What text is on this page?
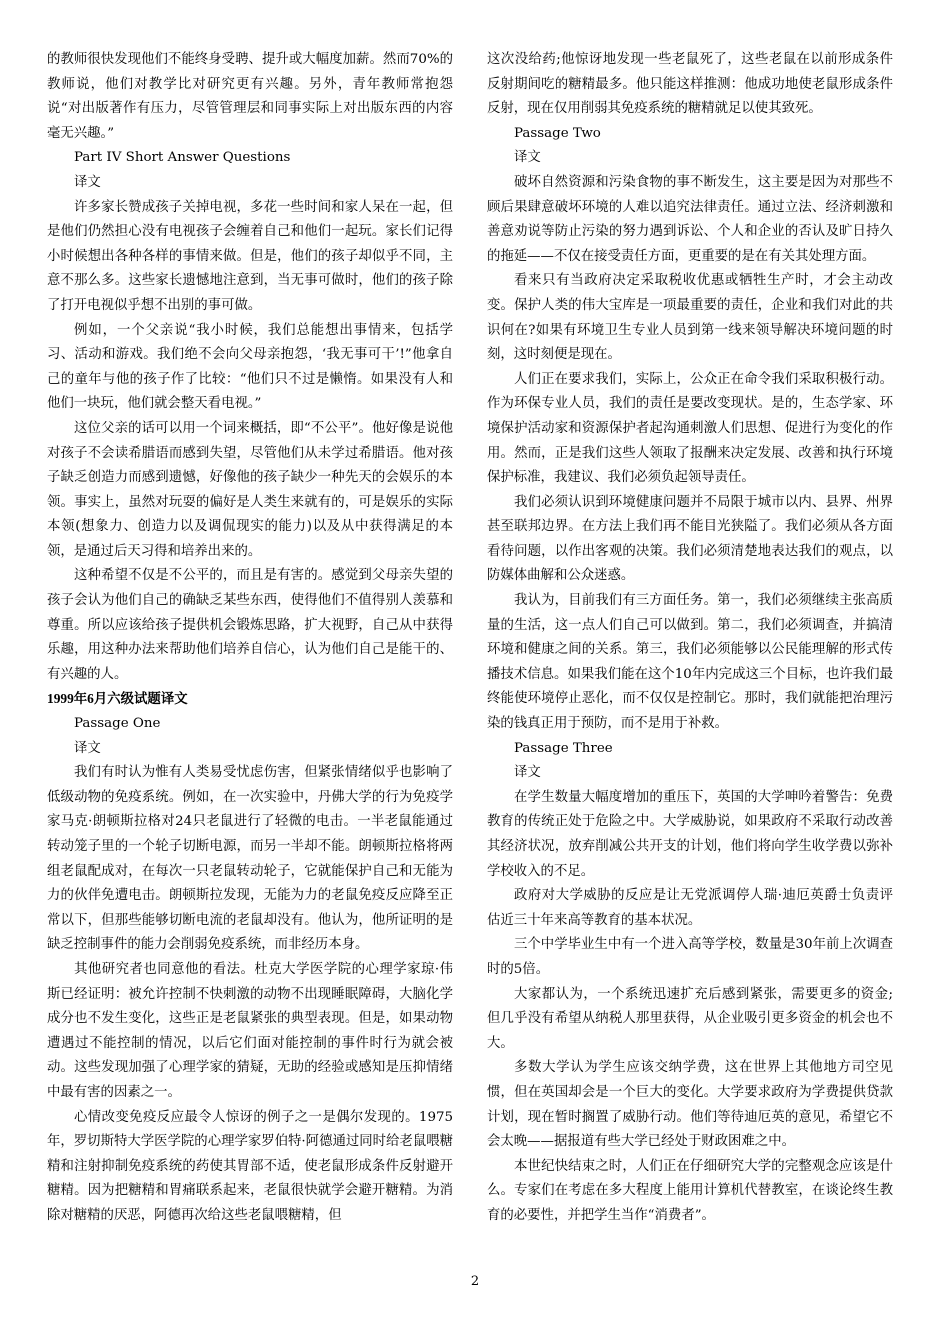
的教师很快发现他们不能终身受聘、提升或大幅度加薪。然而70%的教师说，他们对教学比对研究更有兴趣。另外，青年教师常抱怨说“对出版著作有压力，尽管管理层和同事实际上对出版东西的内容毫无兴趣。”

Part IV Short Answer Questions

译文

许多家长赞成孩子关掉电视，多花一些时间和家人呆在一起，但是他们仍然担心没有电视孩子会缠着自己和他们一起玩。家长们记得小时候想出各种各样的事情来做。但是，他们的孩子却似乎不同，主意不那么多。这些家长遗憾地注意到，当无事可做时，他们的孩子除了打开电视似乎想不出别的事可做。

例如，一个父亲说“我小时候，我们总能想出事情来，包括学习、活动和游戏。我们绝不会向父母亲抱怨，‘我无事可干’!”他拿自己的童年与他的孩子作了比较：“他们只不过是懒惰。如果没有人和他们一块玩，他们就会整天看电视。”

这位父亲的话可以用一个词来概括，即“不公平”。他好像是说他对孩子不会读希腊语而感到失望，尽管他们从未学过希腊语。他对孩子缺乏创造力而感到遗憾，好像他的孩子缺少一种先天的会娱乐的本领。事实上，虽然对玩耍的偏好是人类生来就有的，可是娱乐的实际本领(想象力、创造力以及调侃现实的能力)以及从中获得满足的本领，是通过后天习得和培养出来的。

这种希望不仅是不公平的，而且是有害的。感觉到父母亲失望的孩子会认为他们自己的确缺乏某些东西，使得他们不值得别人羡慕和尊重。所以应该给孩子提供机会锻炼思路，扩大视野，自己从中获得乐趣，用这种办法来帮助他们培养自信心，认为他们自己是能干的、有兴趣的人。

1999年6月六级试题译文

Passage One

译文

我们有时认为惟有人类易受忧虑伤害，但紧张情绪似乎也影响了低级动物的免疫系统。例如，在一次实验中，丹佛大学的行为免疫学家马克·朗顿斯拉格对24只老鼠进行了轻微的电击。一半老鼠能通过转动笼子里的一个轮子切断电源，而另一半却不能。朗顿斯拉格将两组老鼠配成对，在每次一只老鼠转动轮子，它就能保护自己和无能为力的伙伴免遭电击。朗顿斯拉发现，无能为力的老鼠免疫反应降至正常以下，但那些能够切断电流的老鼠却没有。他认为，他所证明的是缺乏控制事件的能力会削弱免疫系统，而非经历本身。

其他研究者也同意他的看法。杜克大学医学院的心理学家琼·伟斯已经证明：被允许控制不快刺激的动物不出现睡眠障碍，大脑化学成分也不发生变化，这些正是老鼠紧张的典型表现。但是，如果动物遭遇过不能控制的情况，以后它们面对能控制的事件时行为就会被动。这些发现加强了心理学家的猜疑，无助的经验或感知是压抑情绪中最有害的因素之一。

心情改变免疫反应最令人惊讶的例子之一是偶尔发现的。1975年，罗切斯特大学医学院的心理学家罗伯特·阿德通过同时给老鼠喂糖精和注射抑制免疫系统的药使其胃部不适，使老鼠形成条件反射避开糖精。因为把糖精和胃痛联系起来，老鼠很快就学会避开糖精。为消除对糖精的厌恶，阿德再次给这些老鼠喂糖精，但

这次没给药;他惊讶地发现一些老鼠死了，这些老鼠在以前形成条件反射期间吃的糖精最多。他只能这样推测：他成功地使老鼠形成条件反射，现在仅用削弱其免疫系统的糖精就足以使其致死。

Passage Two

译文

破坏自然资源和污染食物的事不断发生，这主要是因为对那些不顾后果肆意破坏环境的人难以追究法律责任。通过立法、经济刺激和善意劝说等防止污染的努力遇到诉讼、个人和企业的否认及旷日持久的拖延——不仅在接受责任方面，更重要的是在有关其处理方面。

看来只有当政府决定采取税收优惠或牺牲生产时，才会主动改变。保护人类的伟大宝库是一项最重要的责任，企业和我们对此的共识何在?如果有环境卫生专业人员到第一线来领导解决环境问题的时刻，这时刻便是现在。

人们正在要求我们，实际上，公众正在命令我们采取积极行动。作为环保专业人员，我们的责任是要改变现状。是的，生态学家、环境保护活动家和资源保护者起沟通刺激人们思想、促进行为变化的作用。然而，正是我们这些人领取了报酬来决定发展、改善和执行环境保护标准，我建议、我们必须负起领导责任。

我们必须认识到环境健康问题并不局限于城市以内、县界、州界甚至联邦边界。在方法上我们再不能目光狭隘了。我们必须从各方面看待问题，以作出客观的决策。我们必须清楚地表达我们的观点，以防媒体曲解和公众迷惑。

我认为，目前我们有三方面任务。第一，我们必须继续主张高质量的生活，这一点人们自己可以做到。第二，我们必须调查，并搞清环境和健康之间的关系。第三，我们必须能够以公民能理解的形式传播技术信息。如果我们能在这个10年内完成这三个目标，也许我们最终能使环境停止恶化，而不仅仅是控制它。那时，我们就能把治理污染的钱真正用于预防，而不是用于补救。

Passage Three

译文

在学生数量大幅度增加的重压下，英国的大学呻吟着警告：免费教育的传统正处于危险之中。大学威胁说，如果政府不采取行动改善其经济状况，放弃削减公共开支的计划，他们将向学生收学费以弥补学校收入的不足。

政府对大学威胁的反应是让无党派调停人瑞·迪厄英爵士负责评估近三十年来高等教育的基本状况。

三个中学毕业生中有一个进入高等学校，数量是30年前上次调查时的5倍。

大家都认为，一个系统迅速扩充后感到紧张，需要更多的资金;但几乎没有希望从纳税人那里获得，从企业吸引更多资金的机会也不大。

多数大学认为学生应该交纳学费，这在世界上其他地方司空见惯，但在英国却会是一个巨大的变化。大学要求政府为学费提供贷款计划，现在暂时搁置了威胁行动。他们等待迪厄英的意见，希望它不会太晚——据报道有些大学已经处于财政困难之中。

本世纪快结束之时，人们正在仔细研究大学的完整观念应该是什么。专家们在考虑在多大程度上能用计算机代替教室，在谈论终生教育的必要性，并把学生当作“消费者”。

2
